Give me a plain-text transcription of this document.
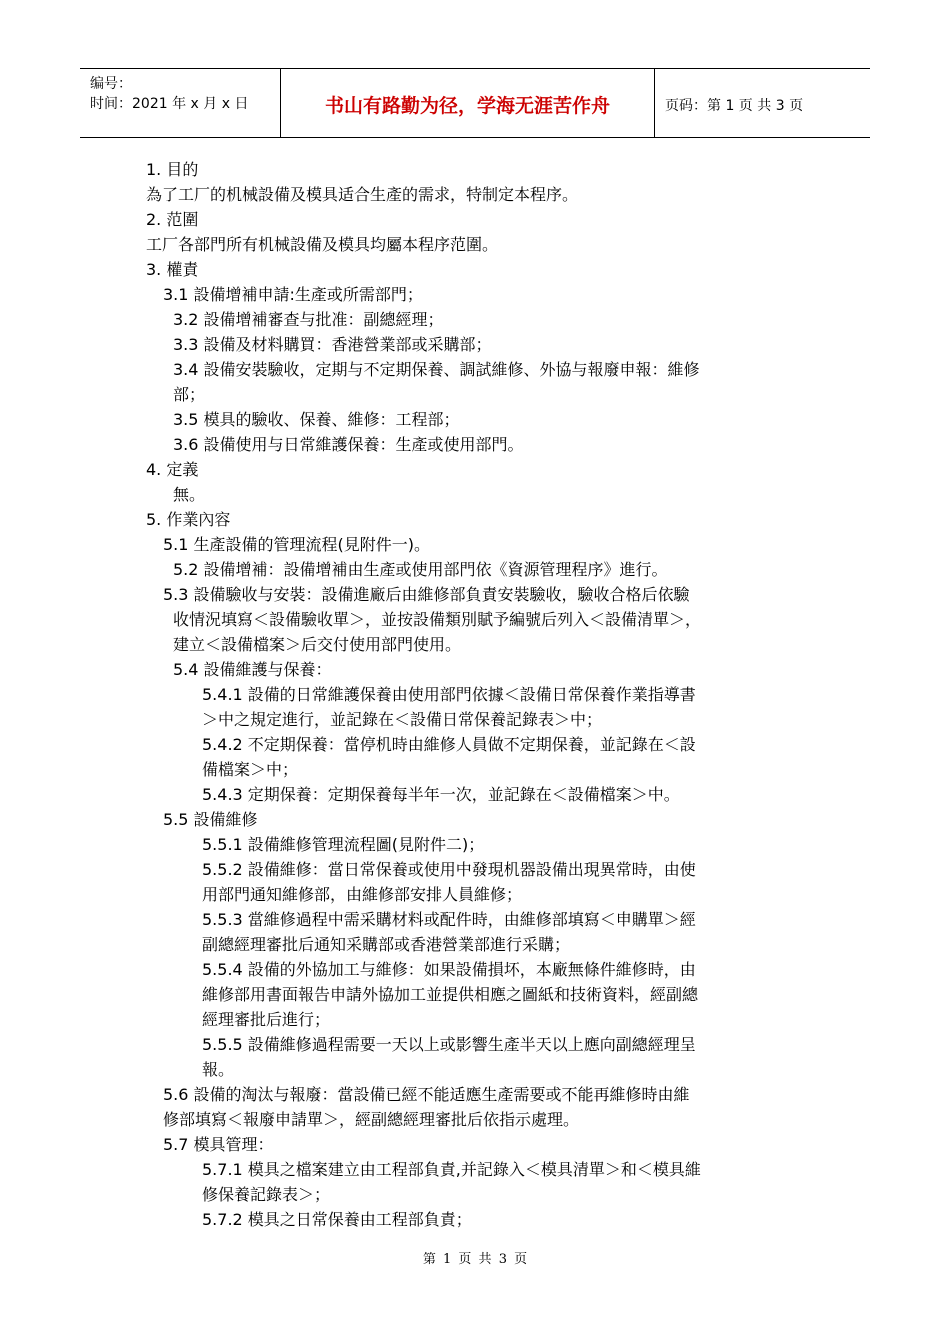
编号：
时间：2021 年 x 月 x 日	书山有路勤为径，学海无涯苦作舟	页码：第 1 页 共 3 页
1. 目的
為了工厂的机械設備及模具适合生產的需求，特制定本程序。
2. 范圍
工厂各部門所有机械設備及模具均屬本程序范圍。
3. 權責
3.1 設備增補申請:生產或所需部門；
3.2 設備增補審查与批准：副總經理；
3.3 設備及材料購買：香港營業部或采購部；
3.4 設備安裝驗收，定期与不定期保養、調試維修、外協与報廢申報：維修
部；
3.5 模具的驗收、保養、維修：工程部；
3.6 設備使用与日常維護保養：生產或使用部門。
4. 定義
無。
5. 作業內容
5.1 生產設備的管理流程(見附件一)。
5.2 設備增補：設備增補由生產或使用部門依《資源管理程序》進行。
5.3 設備驗收与安裝：設備進廠后由維修部負責安裝驗收，驗收合格后依驗
收情況填寫＜設備驗收單＞，並按設備類別賦予編號后列入＜設備清單＞，
建立＜設備檔案＞后交付使用部門使用。
5.4 設備維護与保養：
5.4.1 設備的日常維護保養由使用部門依據＜設備日常保養作業指導書
＞中之規定進行，並記錄在＜設備日常保養記錄表＞中；
5.4.2 不定期保養：當停机時由維修人員做不定期保養，並記錄在＜設
備檔案＞中；
5.4.3 定期保養：定期保養每半年一次，並記錄在＜設備檔案＞中。
5.5 設備維修
5.5.1 設備維修管理流程圖(見附件二)；
5.5.2 設備維修：當日常保養或使用中發現机器設備出現異常時，由使
用部門通知維修部，由維修部安排人員維修；
5.5.3 當維修過程中需采購材料或配件時，由維修部填寫＜申購單＞經
副總經理審批后通知采購部或香港營業部進行采購；
5.5.4 設備的外協加工与維修：如果設備損坏，本廠無條件維修時，由
維修部用書面報告申請外協加工並提供相應之圖紙和技術資料，經副總
經理審批后進行；
5.5.5 設備維修過程需要一天以上或影響生產半天以上應向副總經理呈
報。
5.6 設備的淘汰与報廢：當設備已經不能适應生產需要或不能再維修時由維
修部填寫＜報廢申請單＞，經副總經理審批后依指示處理。
5.7 模具管理：
5.7.1 模具之檔案建立由工程部負責,并記錄入＜模具清單＞和＜模具維
修保養記錄表＞；
5.7.2 模具之日常保養由工程部負責；
第 1 页 共 3 页
